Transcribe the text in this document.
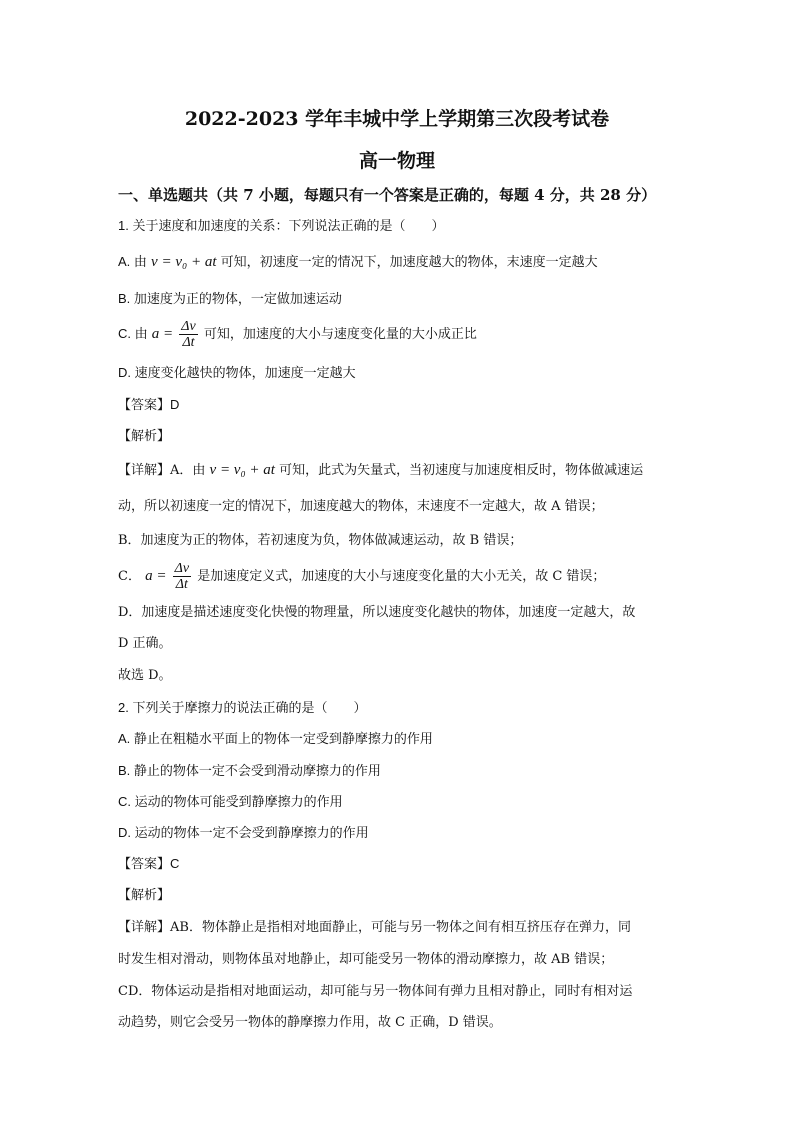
2022-2023 学年丰城中学上学期第三次段考试卷
高一物理

一、单选题共（共 7 小题，每题只有一个答案是正确的，每题 4 分，共 28 分）

1. 关于速度和加速度的关系：下列说法正确的是（　　）

A. 由 v = v₀ + at 可知，初速度一定的情况下，加速度越大的物体，末速度一定越大

B. 加速度为正的物体，一定做加速运动

C. 由 $a = \frac{\Delta v}{\Delta t}$ 可知，加速度的大小与速度变化量的大小成正比

D. 速度变化越快的物体，加速度一定越大

【答案】D

【解析】

【详解】A．由 v = v₀ + at 可知，此式为矢量式，当初速度与加速度相反时，物体做减速运

动，所以初速度一定的情况下，加速度越大的物体，末速度不一定越大，故 A 错误；

B．加速度为正的物体，若初速度为负，物体做减速运动，故 B 错误；

C． $a = \frac{\Delta v}{\Delta t}$ 是加速度定义式，加速度的大小与速度变化量的大小无关，故 C 错误；

D．加速度是描述速度变化快慢的物理量，所以速度变化越快的物体，加速度一定越大，故

D 正确。

故选 D。

2. 下列关于摩擦力的说法正确的是（　　）

A. 静止在粗糙水平面上的物体一定受到静摩擦力的作用

B. 静止的物体一定不会受到滑动摩擦力的作用

C. 运动的物体可能受到静摩擦力的作用

D. 运动的物体一定不会受到静摩擦力的作用

【答案】C

【解析】

【详解】AB．物体静止是指相对地面静止，可能与另一物体之间有相互挤压存在弹力，同

时发生相对滑动，则物体虽对地静止，却可能受另一物体的滑动摩擦力，故 AB 错误；

CD．物体运动是指相对地面运动，却可能与另一物体间有弹力且相对静止，同时有相对运

动趋势，则它会受另一物体的静摩擦力作用，故 C 正确，D 错误。
